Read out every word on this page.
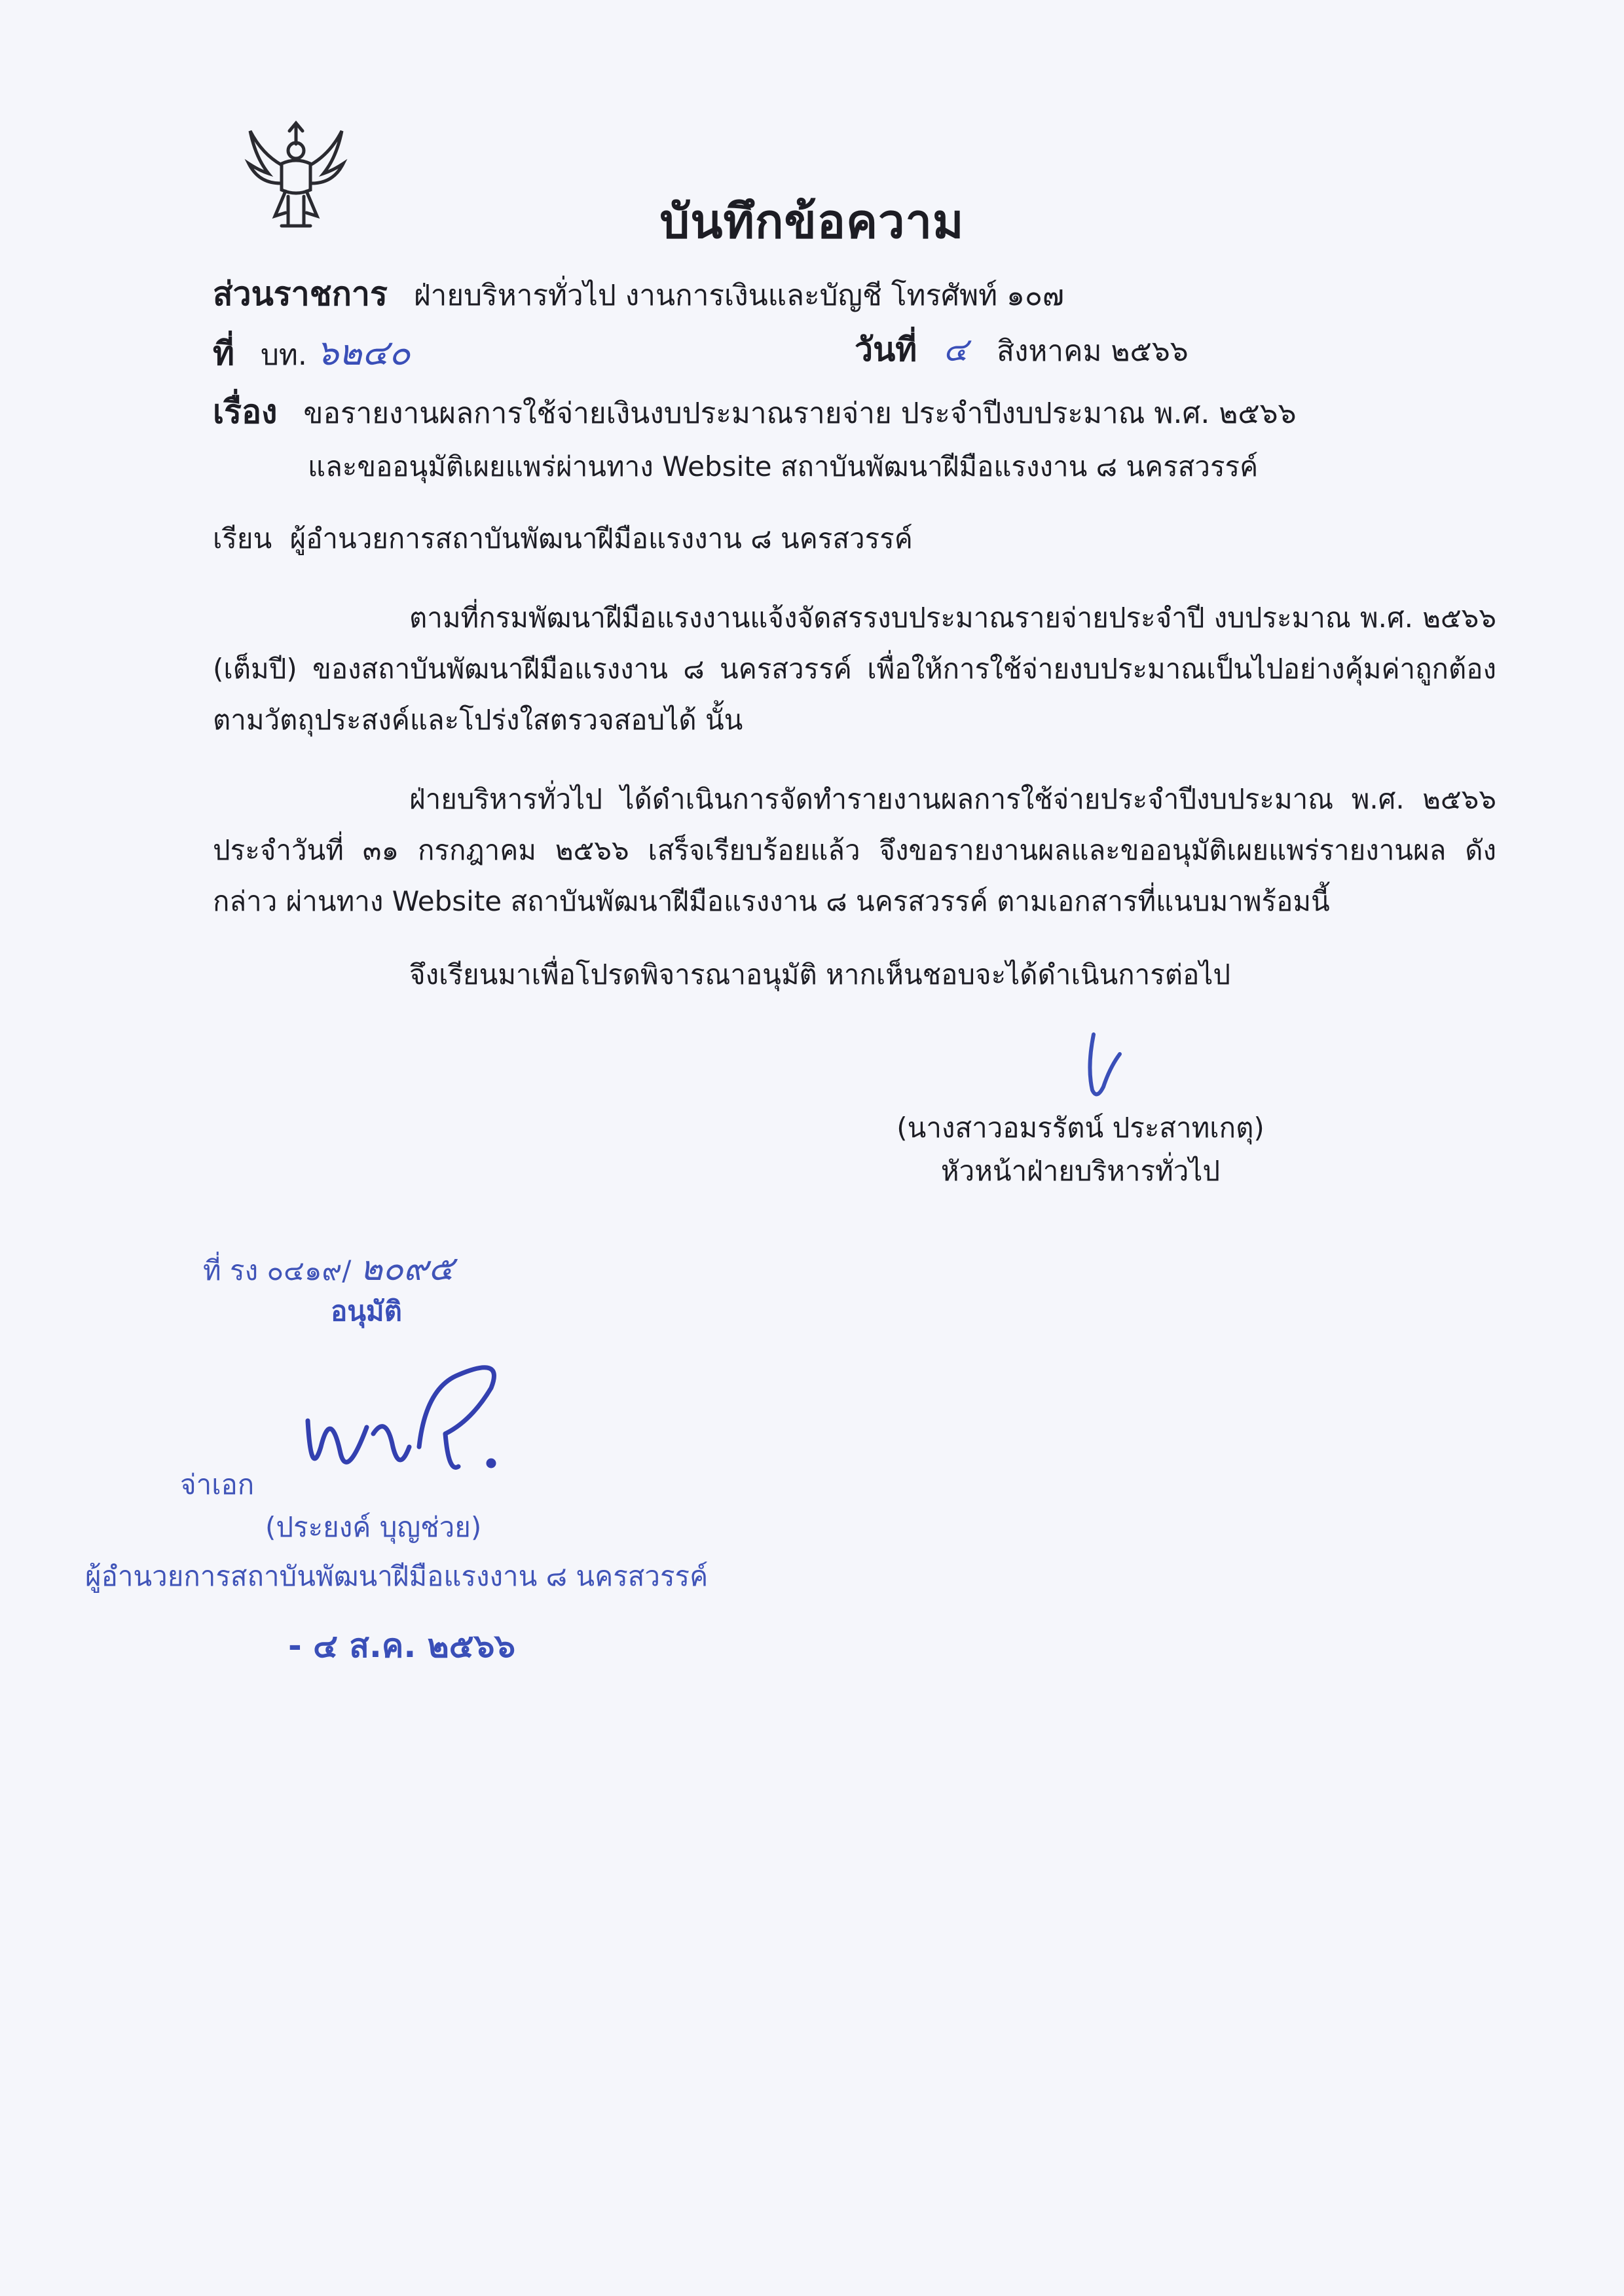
บันทึกข้อความ
ส่วนราชการ ฝ่ายบริหารทั่วไป งานการเงินและบัญชี โทรศัพท์ ๑๐๗
ที่ บท. ๖๒๔๐	วันที่ ๔ สิงหาคม ๒๕๖๖
เรื่อง ขอรายงานผลการใช้จ่ายเงินงบประมาณรายจ่าย ประจำปีงบประมาณ พ.ศ. ๒๕๖๖
และขออนุมัติเผยแพร่ผ่านทาง Website สถาบันพัฒนาฝีมือแรงงาน ๘ นครสวรรค์
เรียน ผู้อำนวยการสถาบันพัฒนาฝีมือแรงงาน ๘ นครสวรรค์
ตามที่กรมพัฒนาฝีมือแรงงานแจ้งจัดสรรงบประมาณรายจ่ายประจำปี งบประมาณ พ.ศ. ๒๕๖๖ (เต็มปี) ของสถาบันพัฒนาฝีมือแรงงาน ๘ นครสวรรค์ เพื่อให้การใช้จ่ายงบประมาณเป็นไปอย่างคุ้มค่าถูกต้อง ตามวัตถุประสงค์และโปร่งใสตรวจสอบได้ นั้น
ฝ่ายบริหารทั่วไป ได้ดำเนินการจัดทำรายงานผลการใช้จ่ายประจำปีงบประมาณ พ.ศ. ๒๕๖๖ ประจำวันที่ ๓๑ กรกฎาคม ๒๕๖๖ เสร็จเรียบร้อยแล้ว จึงขอรายงานผลและขออนุมัติเผยแพร่รายงานผล ดังกล่าว ผ่านทาง Website สถาบันพัฒนาฝีมือแรงงาน ๘ นครสวรรค์ ตามเอกสารที่แนบมาพร้อมนี้
จึงเรียนมาเพื่อโปรดพิจารณาอนุมัติ หากเห็นชอบจะได้ดำเนินการต่อไป
(นางสาวอมรรัตน์ ประสาทเกตุ)
หัวหน้าฝ่ายบริหารทั่วไป
ที่ รง ๐๔๑๙/ ๒๐๙๕
อนุมัติ
จ่าเอก
(ประยงค์ บุญช่วย)
ผู้อำนวยการสถาบันพัฒนาฝีมือแรงงาน ๘ นครสวรรค์
- ๔ ส.ค. ๒๕๖๖
